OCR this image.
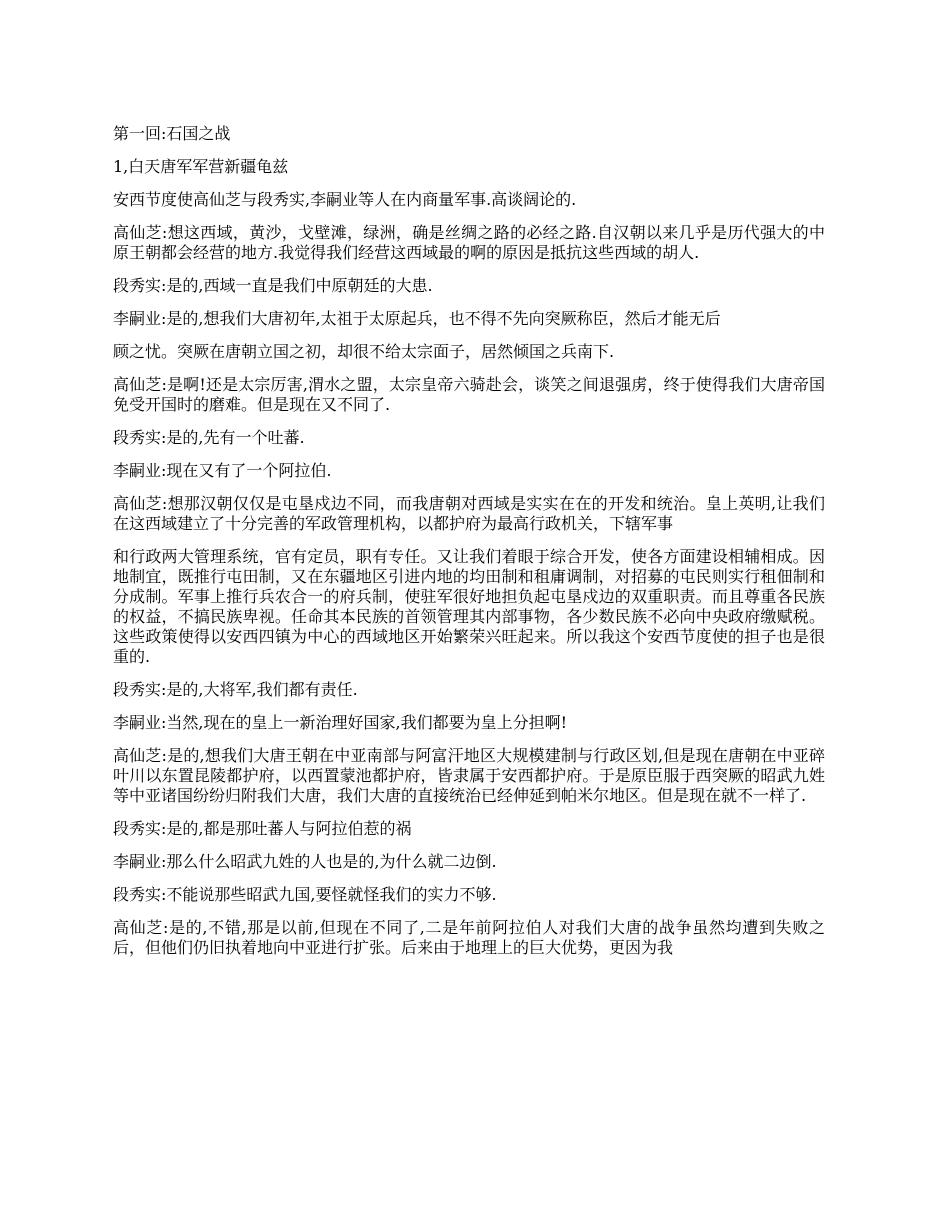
第一回:石国之战

1,白天唐军军营新疆龟兹

安西节度使高仙芝与段秀实,李嗣业等人在内商量军事.高谈阔论的.

高仙芝:想这西域，黄沙，戈壁滩，绿洲，确是丝绸之路的必经之路.自汉朝以来几乎是历代强大的中原王朝都会经营的地方.我觉得我们经营这西域最的啊的原因是抵抗这些西域的胡人.

段秀实:是的,西域一直是我们中原朝廷的大患.

李嗣业:是的,想我们大唐初年,太祖于太原起兵，也不得不先向突厥称臣，然后才能无后

顾之忧。突厥在唐朝立国之初，却很不给太宗面子，居然倾国之兵南下.

高仙芝:是啊!还是太宗厉害,渭水之盟，太宗皇帝六骑赴会，谈笑之间退强虏，终于使得我们大唐帝国免受开国时的磨难。但是现在又不同了.

段秀实:是的,先有一个吐蕃.

李嗣业:现在又有了一个阿拉伯.

高仙芝:想那汉朝仅仅是屯垦戍边不同，而我唐朝对西域是实实在在的开发和统治。皇上英明,让我们在这西域建立了十分完善的军政管理机构，以都护府为最高行政机关，下辖军事

和行政两大管理系统，官有定员，职有专任。又让我们着眼于综合开发，使各方面建设相辅相成。因地制宜，既推行屯田制，又在东疆地区引进内地的均田制和租庸调制，对招募的屯民则实行租佃制和分成制。军事上推行兵农合一的府兵制，使驻军很好地担负起屯垦戍边的双重职责。而且尊重各民族的权益，不搞民族卑视。任命其本民族的首领管理其内部事物，各少数民族不必向中央政府缴赋税。这些政策使得以安西四镇为中心的西域地区开始繁荣兴旺起来。所以我这个安西节度使的担子也是很重的.

段秀实:是的,大将军,我们都有责任.

李嗣业:当然,现在的皇上一新治理好国家,我们都要为皇上分担啊!

高仙芝:是的,想我们大唐王朝在中亚南部与阿富汗地区大规模建制与行政区划,但是现在唐朝在中亚碎叶川以东置昆陵都护府，以西置蒙池都护府，皆隶属于安西都护府。于是原臣服于西突厥的昭武九姓等中亚诸国纷纷归附我们大唐，我们大唐的直接统治已经伸延到帕米尔地区。但是现在就不一样了.

段秀实:是的,都是那吐蕃人与阿拉伯惹的祸

李嗣业:那么什么昭武九姓的人也是的,为什么就二边倒.

段秀实:不能说那些昭武九国,要怪就怪我们的实力不够.

高仙芝:是的,不错,那是以前,但现在不同了,二是年前阿拉伯人对我们大唐的战争虽然均遭到失败之后，但他们仍旧执着地向中亚进行扩张。后来由于地理上的巨大优势，更因为我
